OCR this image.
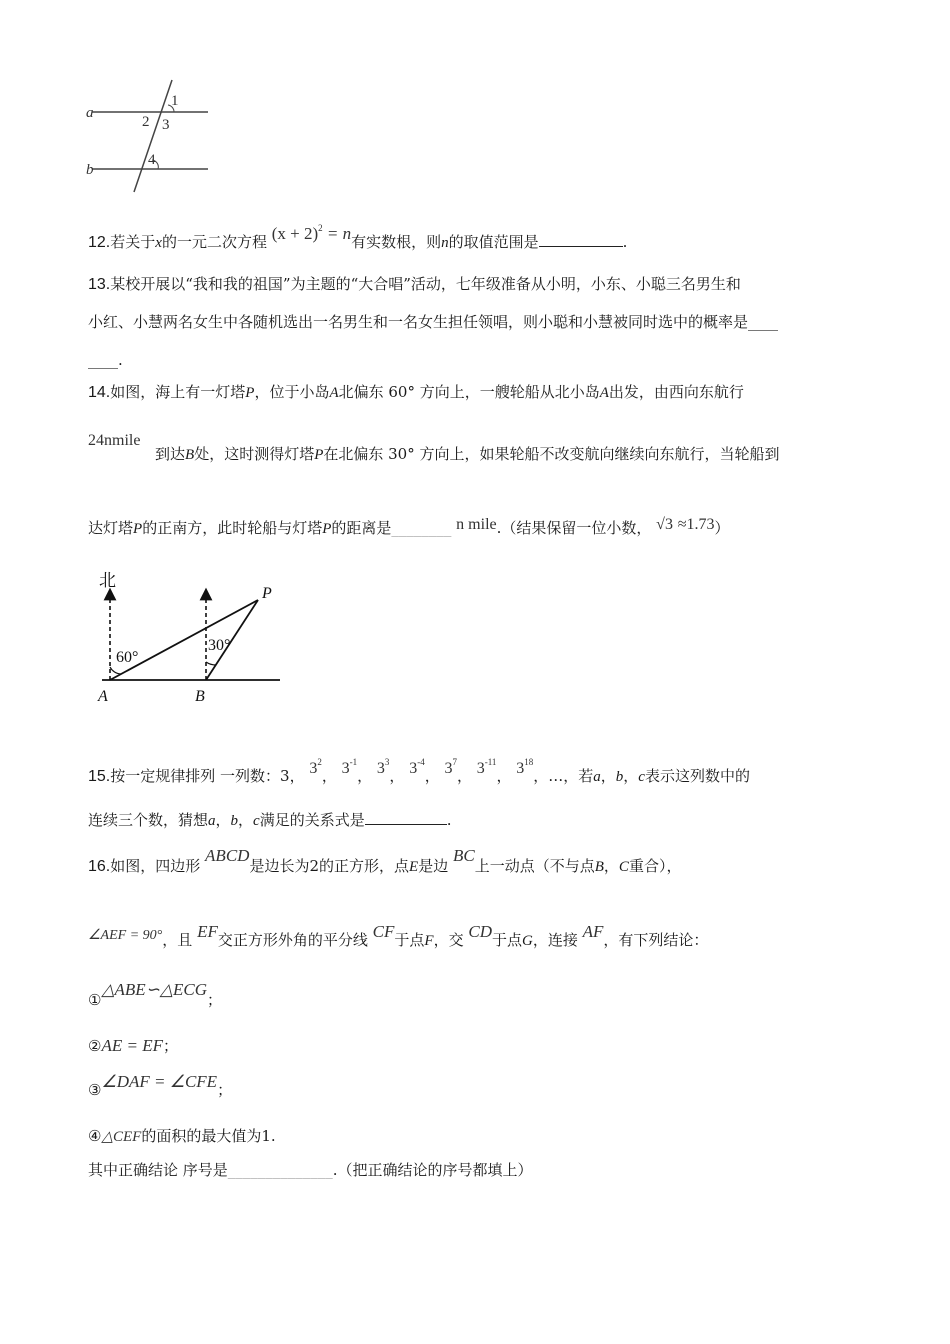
a
b
1
2 3
4
12.若关于x的一元二次方程 $(x + 2)^2 = n$有实数根，则n的取值范围是	.
13.某校开展以“我和我的祖国”为主题的“大合唱”活动，七年级准备从小明，小东、小聪三名男生和
小红、小慧两名女生中各随机选出一名男生和一名女生担任领唱，则小聪和小慧被同时选中的概率是____
____.
14.如图，海上有一灯塔P，位于小岛A北偏东 60° 方向上，一艘轮船从北小岛A出发，由西向东航行
24nmile
到达B处，这时测得灯塔P在北偏东 30° 方向上，如果轮船不改变航向继续向东航行，当轮船到
达灯塔P的正南方，此时轮船与灯塔P的距离是________ n mile.（结果保留一位小数， √3 ≈1.73）
北
P
A	B
60°
30°
15.按一定规律排列 一列数：3， $3^2$， $3^{-1}$， $3^3$， $3^{-4}$， $3^7$， $3^{-11}$， $3^{18}$，…，若a，b，c表示这列数中的
连续三个数，猜想a，b，c满足的关系式是	.
16.如图，四边形 ABCD是边长为2的正方形，点E是边 BC上一动点（不与点B，C重合），
∠AEF = 90°，且 EF交正方形外角的平分线 CF于点F，交 CD于点G，连接 AF，有下列结论：
①△ABE∽△ECG；
②AE = EF；
③∠DAF = ∠CFE；
④△CEF的面积的最大值为1.
其中正确结论 序号是______________.（把正确结论的序号都填上）
